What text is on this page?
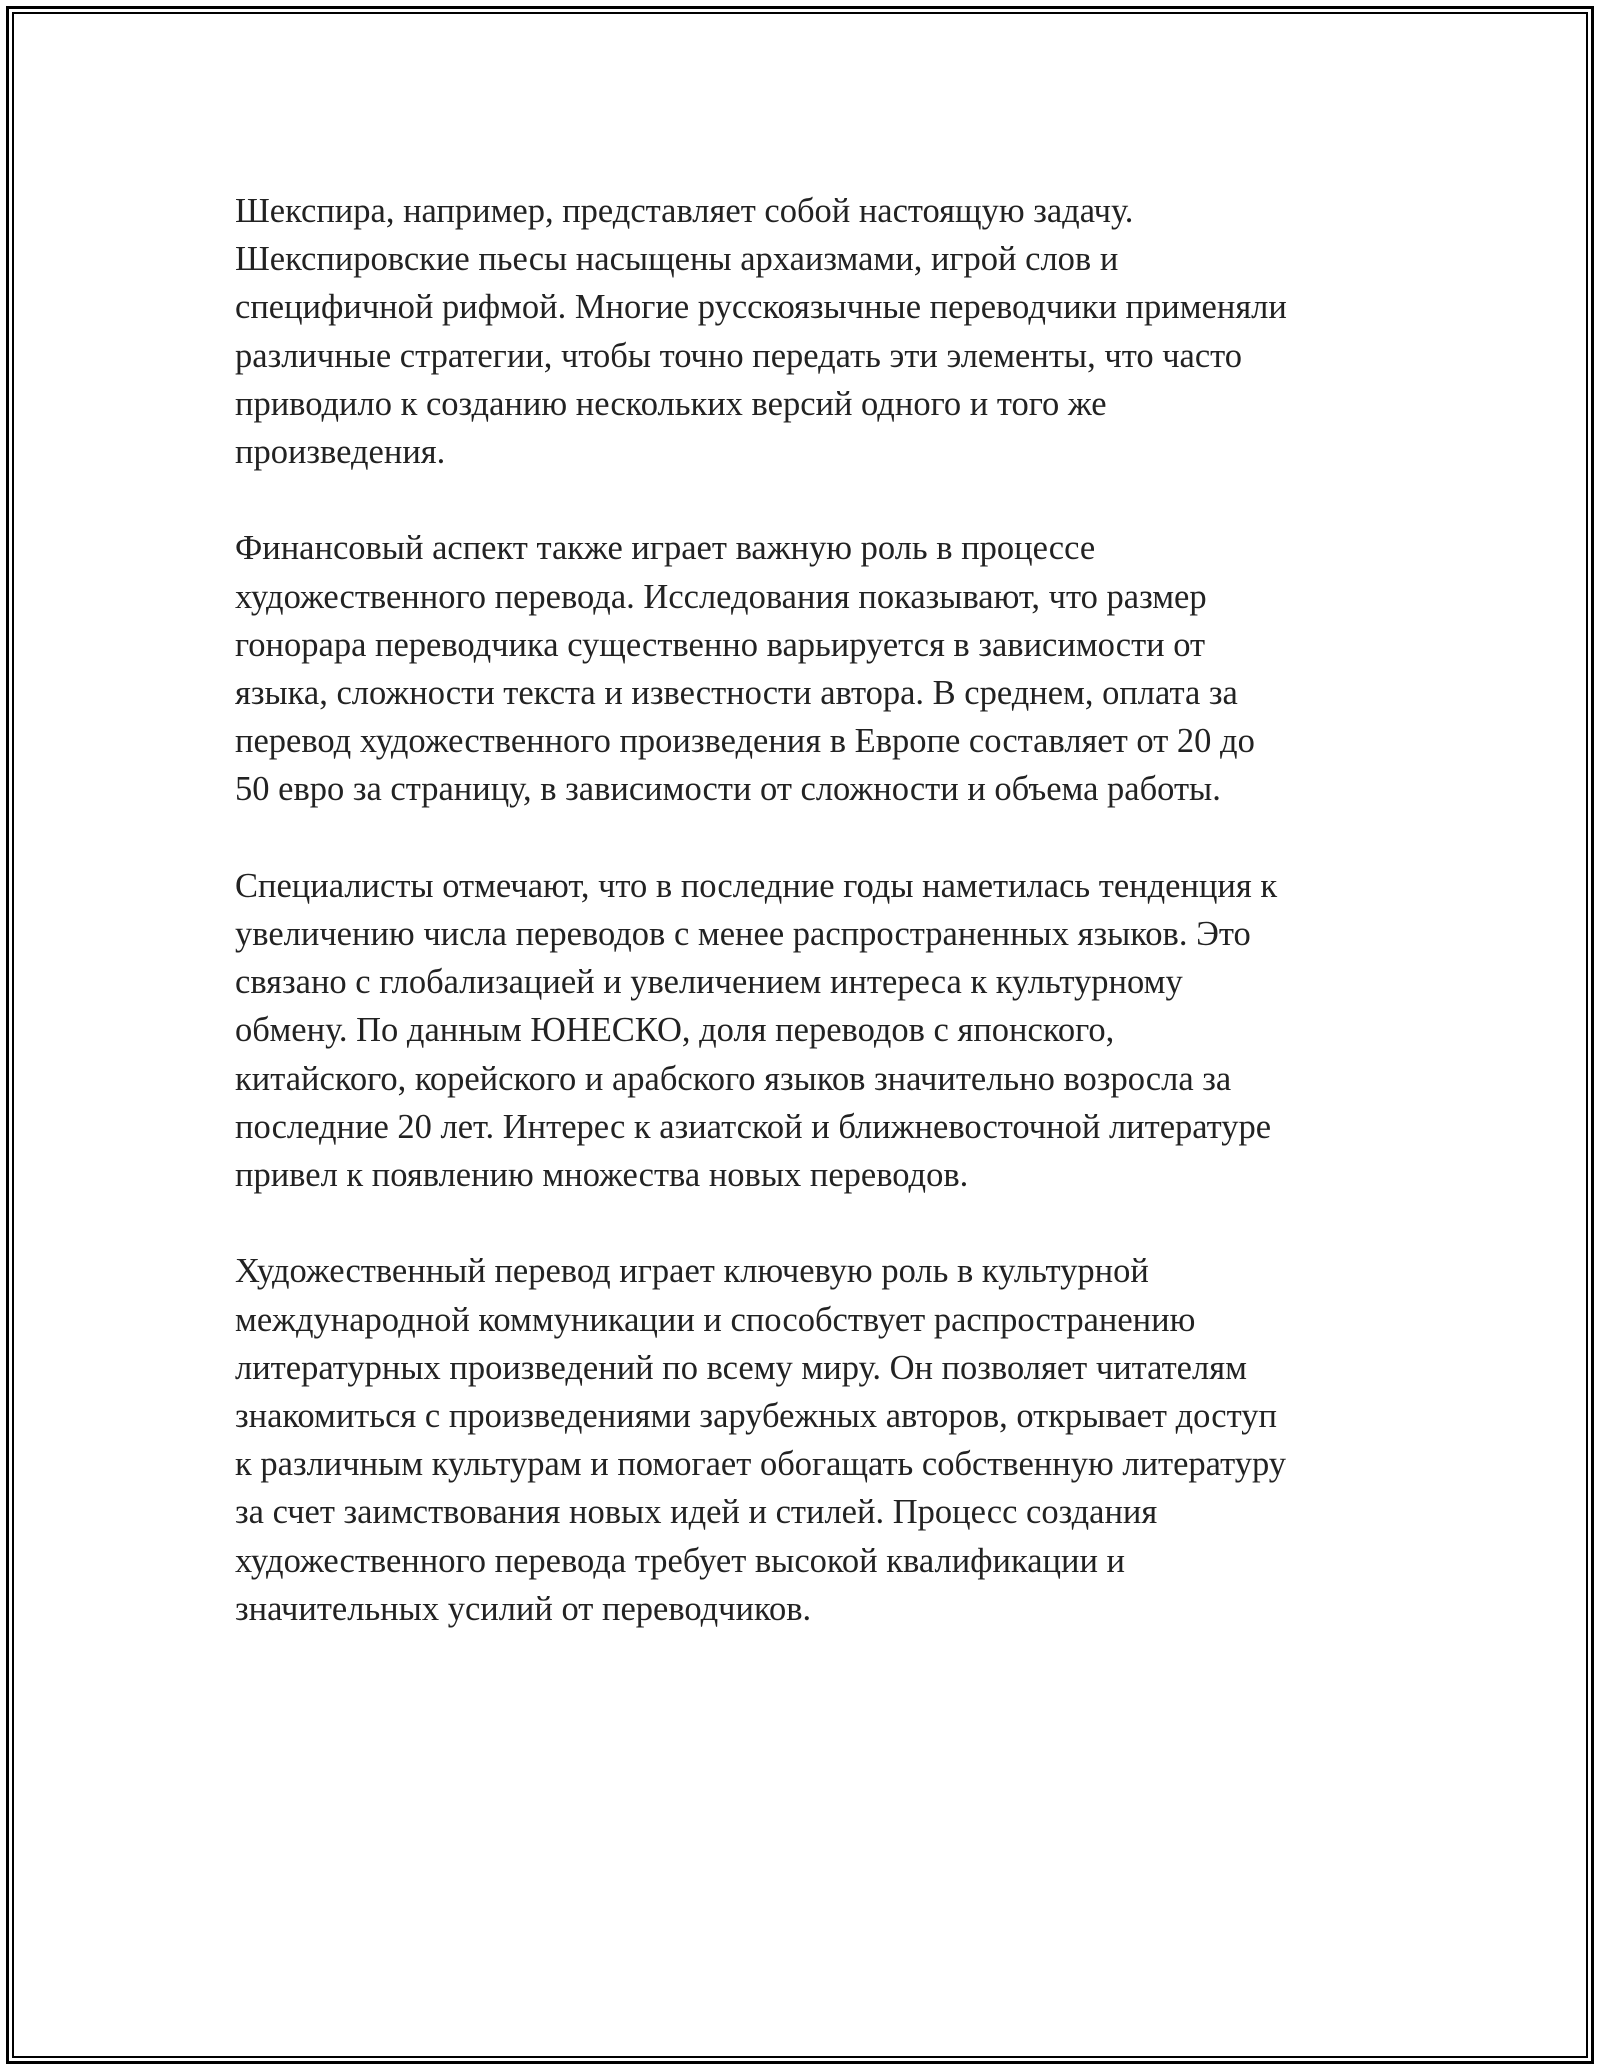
Шекспира, например, представляет собой настоящую задачу.
Шекспировские пьесы насыщены архаизмами, игрой слов и
специфичной рифмой. Многие русскоязычные переводчики применяли
различные стратегии, чтобы точно передать эти элементы, что часто
приводило к созданию нескольких версий одного и того же
произведения.

Финансовый аспект также играет важную роль в процессе
художественного перевода. Исследования показывают, что размер
гонорара переводчика существенно варьируется в зависимости от
языка, сложности текста и известности автора. В среднем, оплата за
перевод художественного произведения в Европе составляет от 20 до
50 евро за страницу, в зависимости от сложности и объема работы.

Специалисты отмечают, что в последние годы наметилась тенденция к
увеличению числа переводов с менее распространенных языков. Это
связано с глобализацией и увеличением интереса к культурному
обмену. По данным ЮНЕСКО, доля переводов с японского,
китайского, корейского и арабского языков значительно возросла за
последние 20 лет. Интерес к азиатской и ближневосточной литературе
привел к появлению множества новых переводов.

Художественный перевод играет ключевую роль в культурной
международной коммуникации и способствует распространению
литературных произведений по всему миру. Он позволяет читателям
знакомиться с произведениями зарубежных авторов, открывает доступ
к различным культурам и помогает обогащать собственную литературу
за счет заимствования новых идей и стилей. Процесс создания
художественного перевода требует высокой квалификации и
значительных усилий от переводчиков.
